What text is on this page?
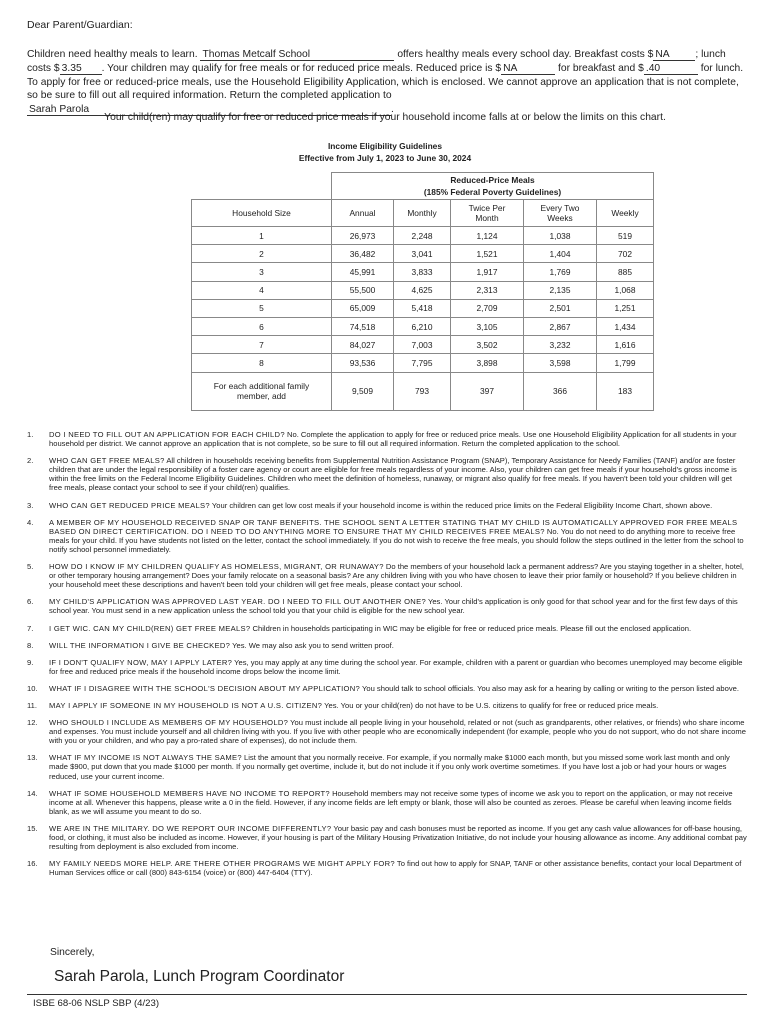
Dear Parent/Guardian:
Children need healthy meals to learn. Thomas Metcalf School	offers healthy meals every school day. Breakfast costs $ NA ; lunch costs $ 3.35 . Your children may qualify for free meals or for reduced price meals. Reduced price is $ NA	for breakfast and $ .40	for lunch. To apply for free or reduced-price meals, use the Household Eligibility Application, which is enclosed. We cannot approve an application that is not complete, so be sure to fill out all required information. Return the completed application to Sarah Parola	.
Your child(ren) may qualify for free or reduced price meals if your household income falls at or below the limits on this chart.
Income Eligibility Guidelines
Effective from July 1, 2023 to June 30, 2024

	Reduced-Price Meals
(185% Federal Poverty Guidelines)				

Household Size	Annual	Monthly	Twice Per Month	Every Two Weeks	Weekly
1	26,973	2,248	1,124	1,038	519
2	36,482	3,041	1,521	1,404	702
3	45,991	3,833	1,917	1,769	885
4	55,500	4,625	2,313	2,135	1,068
5	65,009	5,418	2,709	2,501	1,251
6	74,518	6,210	3,105	2,867	1,434
7	84,027	7,003	3,502	3,232	1,616
8	93,536	7,795	3,898	3,598	1,799
For each additional family member, add	9,509	793	397	366	183
1.	DO I NEED TO FILL OUT AN APPLICATION FOR EACH CHILD? No. Complete the application to apply for free or reduced price meals. Use one Household Eligibility Application for all students in your household per district. We cannot approve an application that is not complete, so be sure to fill out all required information. Return the completed application to the school.
2.	WHO CAN GET FREE MEALS? All children in households receiving benefits from Supplemental Nutrition Assistance Program (SNAP), Temporary Assistance for Needy Families (TANF) and/or are foster children that are under the legal responsibility of a foster care agency or court are eligible for free meals regardless of your income. Also, your children can get free meals if your household's gross income is within the free limits on the Federal Income Eligibility Guidelines. Children who meet the definition of homeless, runaway, or migrant also qualify for free meals. If you haven't been told your children will get free meals, please contact your school to see if your child(ren) qualifies.
3.	WHO CAN GET REDUCED PRICE MEALS? Your children can get low cost meals if your household income is within the reduced price limits on the Federal Eligibility Income Chart, shown above.
4.	A MEMBER OF MY HOUSEHOLD RECEIVED SNAP OR TANF BENEFITS. THE SCHOOL SENT A LETTER STATING THAT MY CHILD IS AUTOMATICALLY APPROVED FOR FREE MEALS BASED ON DIRECT CERTIFICATION. DO I NEED TO DO ANYTHING MORE TO ENSURE THAT MY CHILD RECEIVES FREE MEALS? No. You do not need to do anything more to receive free meals for your child. If you have students not listed on the letter, contact the school immediately. If you do not wish to receive the free meals, you should follow the steps outlined in the letter from the school to notify school personnel immediately.
5.	HOW DO I KNOW IF MY CHILDREN QUALIFY AS HOMELESS, MIGRANT, OR RUNAWAY? Do the members of your household lack a permanent address? Are you staying together in a shelter, hotel, or other temporary housing arrangement? Does your family relocate on a seasonal basis? Are any children living with you who have chosen to leave their prior family or household? If you believe children in your household meet these descriptions and haven't been told your children will get free meals, please contact your school.
6.	MY CHILD'S APPLICATION WAS APPROVED LAST YEAR. DO I NEED TO FILL OUT ANOTHER ONE? Yes. Your child's application is only good for that school year and for the first few days of this school year. You must send in a new application unless the school told you that your child is eligible for the new school year.
7.	I GET WIC. CAN MY CHILD(REN) GET FREE MEALS? Children in households participating in WIC may be eligible for free or reduced price meals. Please fill out the enclosed application.
8.	WILL THE INFORMATION I GIVE BE CHECKED? Yes. We may also ask you to send written proof.
9.	IF I DON'T QUALIFY NOW, MAY I APPLY LATER? Yes, you may apply at any time during the school year. For example, children with a parent or guardian who becomes unemployed may become eligible for free and reduced price meals if the household income drops below the income limit.
10.	WHAT IF I DISAGREE WITH THE SCHOOL'S DECISION ABOUT MY APPLICATION? You should talk to school officials. You also may ask for a hearing by calling or writing to the person listed above.
11.	MAY I APPLY IF SOMEONE IN MY HOUSEHOLD IS NOT A U.S. CITIZEN? Yes. You or your child(ren) do not have to be U.S. citizens to qualify for free or reduced price meals.
12.	WHO SHOULD I INCLUDE AS MEMBERS OF MY HOUSEHOLD? You must include all people living in your household, related or not (such as grandparents, other relatives, or friends) who share income and expenses. You must include yourself and all children living with you. If you live with other people who are economically independent (for example, people who you do not support, who do not share income with you or your children, and who pay a pro-rated share of expenses), do not include them.
13.	WHAT IF MY INCOME IS NOT ALWAYS THE SAME? List the amount that you normally receive. For example, if you normally make $1000 each month, but you missed some work last month and only made $900, put down that you made $1000 per month. If you normally get overtime, include it, but do not include it if you only work overtime sometimes. If you have lost a job or had your hours or wages reduced, use your current income.
14.	WHAT IF SOME HOUSEHOLD MEMBERS HAVE NO INCOME TO REPORT? Household members may not receive some types of income we ask you to report on the application, or may not receive income at all. Whenever this happens, please write a 0 in the field. However, if any income fields are left empty or blank, those will also be counted as zeroes. Please be careful when leaving income fields blank, as we will assume you meant to do so.
15.	WE ARE IN THE MILITARY. DO WE REPORT OUR INCOME DIFFERENTLY? Your basic pay and cash bonuses must be reported as income. If you get any cash value allowances for off-base housing, food, or clothing, it must also be included as income. However, if your housing is part of the Military Housing Privatization Initiative, do not include your housing allowance as income. Any additional combat pay resulting from deployment is also excluded from income.
16.	MY FAMILY NEEDS MORE HELP. ARE THERE OTHER PROGRAMS WE MIGHT APPLY FOR? To find out how to apply for SNAP, TANF or other assistance benefits, contact your local Department of Human Services office or call (800) 843-6154 (voice) or (800) 447-6404 (TTY).
Sincerely,
Sarah Parola, Lunch Program Coordinator
ISBE 68-06 NSLP SBP (4/23)
